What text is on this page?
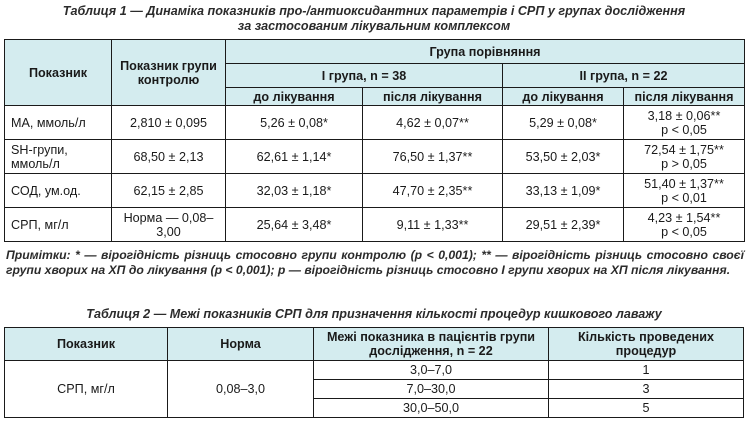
Таблиця 1 — Динаміка показників про-/антиоксидантних параметрів і СРП у групах дослідження
за застосованим лікувальним комплексом
Показник	Показник групи контролю	Група порівняння			
		I група, n = 38		II група, n = 22	
		до лікування	після лікування	до лікування	після лікування
МА, ммоль/л	2,810 ± 0,095	5,26 ± 0,08*	4,62 ± 0,07**	5,29 ± 0,08*	3,18 ± 0,06**
р < 0,05

SH-групи, ммоль/л	68,50 ± 2,13	62,61 ± 1,14*	76,50 ± 1,37**	53,50 ± 2,03*	72,54 ± 1,75**
р > 0,05

СОД, ум.од.	62,15 ± 2,85	32,03 ± 1,18*	47,70 ± 2,35**	33,13 ± 1,09*	51,40 ± 1,37**
р < 0,01

СРП, мг/л	Норма — 0,08–3,00	25,64 ± 3,48*	9,11 ± 1,33**	29,51 ± 2,39*	4,23 ± 1,54**
р < 0,05
Примітки: * — вірогідність різниць стосовно групи контролю (р < 0,001); ** — вірогідність різниць стосовно своєї групи хворих на ХП до лікування (р < 0,001); р — вірогідність різниць стосовно I групи хворих на ХП після лікування.
Таблиця 2 — Межі показників СРП для призначення кількості процедур кишкового лаважу
Показник	Норма	Межі показника в пацієнтів групи дослідження, n = 22	Кількість проведених процедур
СРП, мг/л	0,08–3,0	3,0–7,0	1
		7,0–30,0	3
		30,0–50,0	5
